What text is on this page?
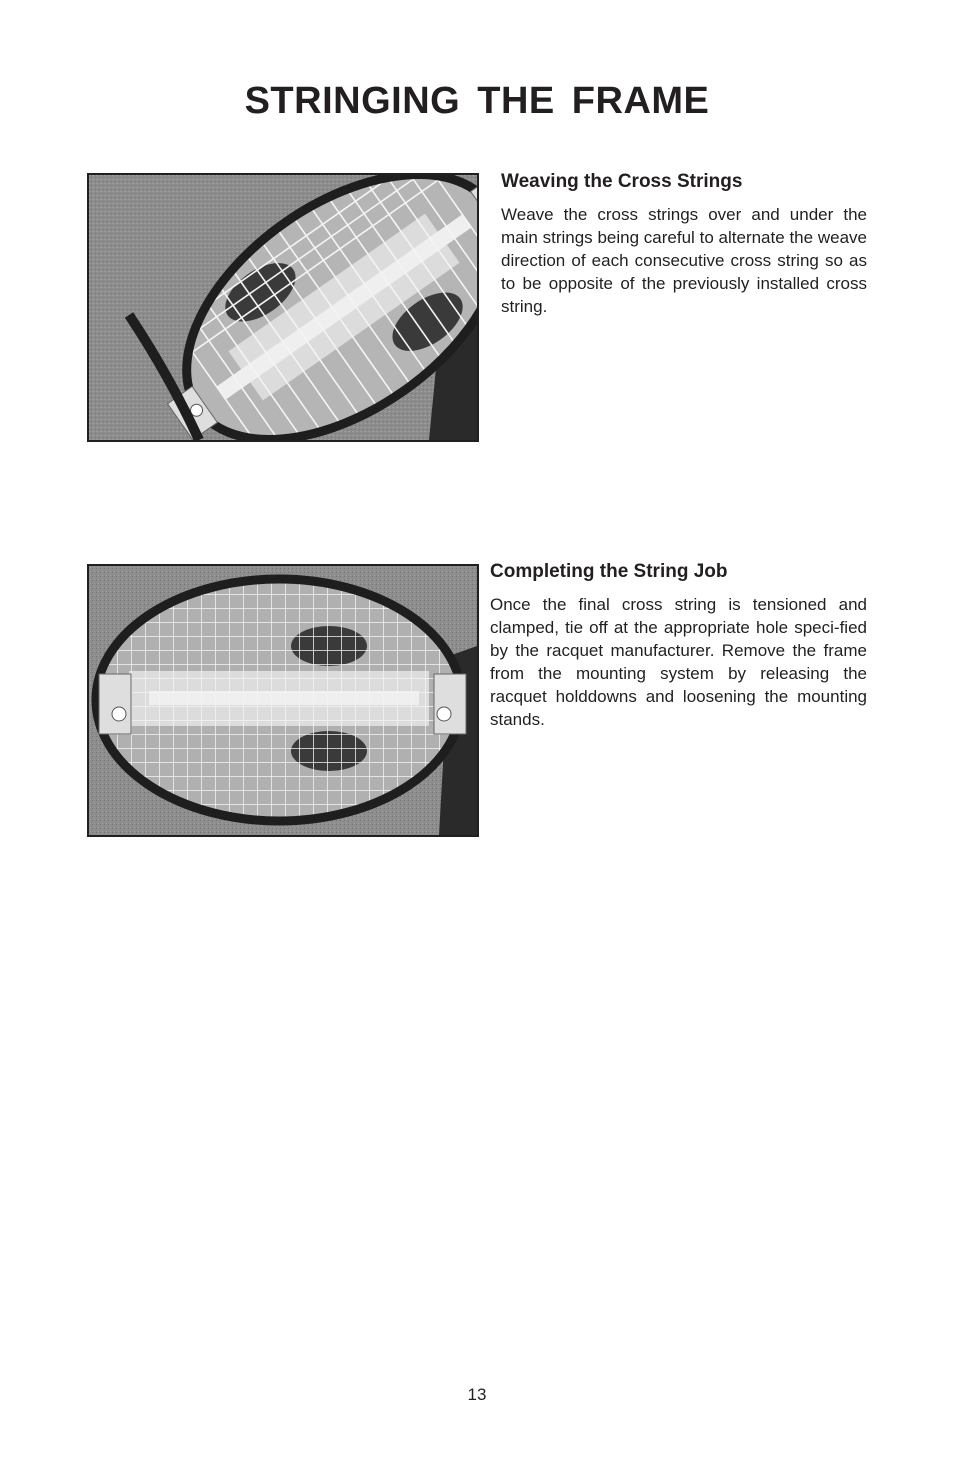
STRINGING THE FRAME
Weaving the Cross Strings

Weave the cross strings over and under the main strings being careful to alternate the weave direction of each consecutive cross string so as to be opposite of the previously installed cross string.

Completing the String Job

Once the final cross string is tensioned and clamped, tie off at the appropriate hole speci-fied by the racquet manufacturer. Remove the frame from the mounting system by releasing the racquet holddowns and loosening the mounting stands.

13
